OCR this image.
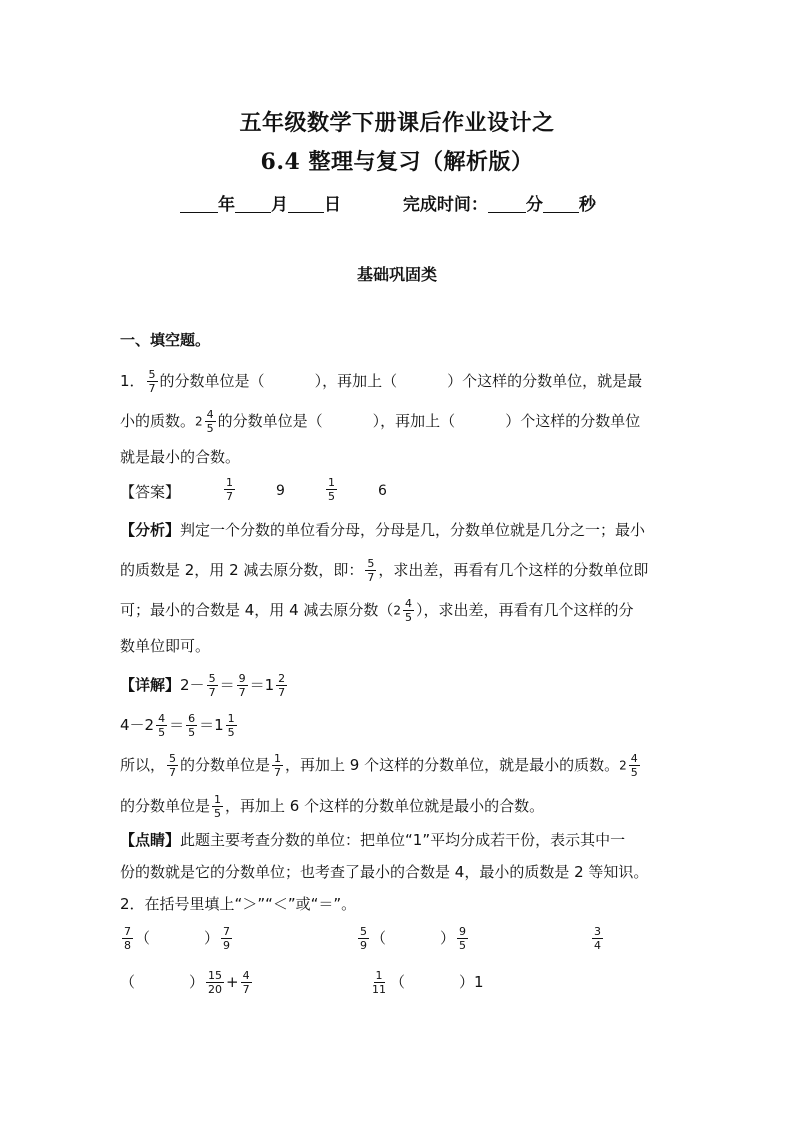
五年级数学下册课后作业设计之
6.4 整理与复习（解析版）
年 月 日	完成时间： 分 秒
基础巩固类
一、填空题。
1． $\frac{5}{7}$ 的分数单位是（	），再加上（	）个这样的分数单位，就是最
小的质数。$2 \frac{4}{5}$ 的分数单位是（	），再加上（	）个这样的分数单位
就是最小的合数。
【答案】	$\frac{1}{7}$	9	$\frac{1}{5}$	6
【分析】判定一个分数的单位看分母，分母是几，分数单位就是几分之一；最小
的质数是 2，用 2 减去原分数，即： $\frac{5}{7}$ ，求出差，再看有几个这样的分数单位即
可；最小的合数是 4，用 4 减去原分数（$2 \frac{4}{5}$ ），求出差，再看有几个这样的分
数单位即可。
【详解】$2- \frac{5}{7} = \frac{9}{7} =1 \frac{2}{7}$
$4-2 \frac{4}{5} = \frac{6}{5} =1 \frac{1}{5}$
所以， $\frac{5}{7}$ 的分数单位是 $\frac{1}{7}$ ，再加上 9 个这样的分数单位，就是最小的质数。$2 \frac{4}{5}$
的分数单位是 $\frac{1}{5}$ ，再加上 6 个这样的分数单位就是最小的合数。
【点睛】此题主要考查分数的单位：把单位“1”平均分成若干份，表示其中一
份的数就是它的分数单位；也考查了最小的合数是 4，最小的质数是 2 等知识。
2．在括号里填上“＞”“＜”或“＝”。
$\frac{7}{8}$ （	） $\frac{7}{9}$	$\frac{5}{9}$ （	） $\frac{9}{5}$	$\frac{3}{4}$
（	） $\frac{15}{20} + \frac{4}{7}$	$\frac{1}{11}$ （	）1
